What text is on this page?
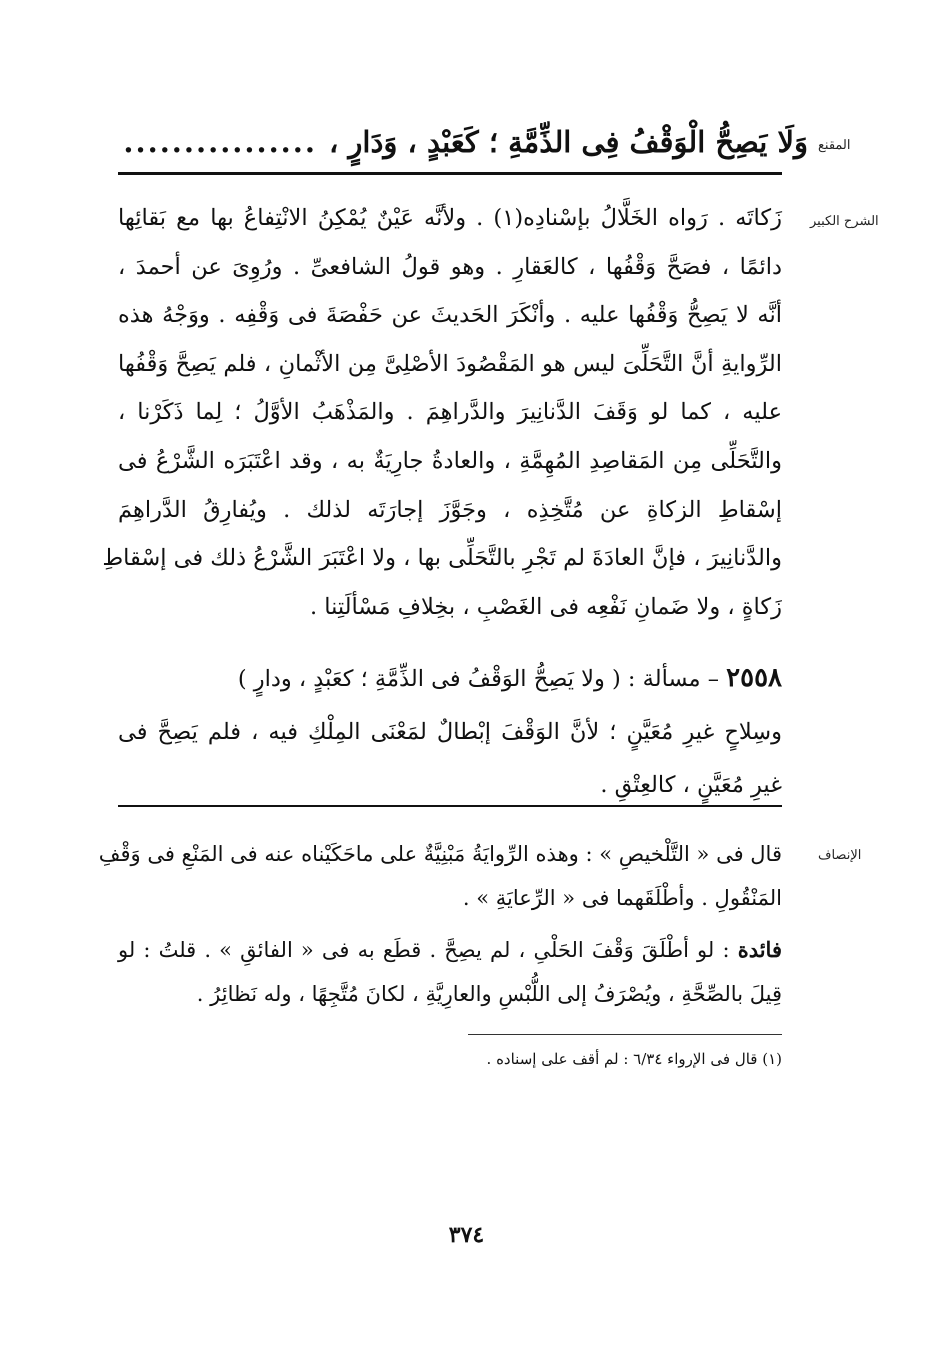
المقنع
وَلَا يَصِحُّ الْوَقْفُ فِى الذِّمَّةِ ؛ كَعَبْدٍ ، وَدَارٍ ،................
الشرح الكبير
زَكاتَه . رَواه الخَلَّالُ بإسْنادِه(١) . ولأنَّه عَيْنٌ يُمْكِنُ الانْتِفاعُ بها مع بَقائِها
دائمًا ، فصَحَّ وَقْفُها ، كالعَقارِ . وهو قولُ الشافعىِّ . ورُوِىَ عن أحمدَ ،
أنَّه لا يَصِحُّ وَقْفُها عليه . وأنْكَرَ الحَديثَ عن حَفْصَةَ فى وَقْفِه . ووَجْهُ هذه
الرِّوايةِ أنَّ التَّحَلِّىَ ليس هو المَقْصُودَ الأصْلِىَّ مِن الأثْمانِ ، فلم يَصِحَّ وَقْفُها
عليه ، كما لو وَقَفَ الدَّنانِيرَ والدَّراهِمَ . والمَذْهَبُ الأوَّلُ ؛ لِما ذَكَرْنا ،
والتَّحَلِّى مِن المَقاصِدِ المُهِمَّةِ ، والعادةُ جارِيَةٌ به ، وقد اعْتَبَرَه الشَّرْعُ فى
إسْقاطِ الزكاةِ عن مُتَّخِذِه ، وجَوَّزَ إجارَتَه لذلك . ويُفارِقُ الدَّراهِمَ
والدَّنانِيرَ ، فإنَّ العادَةَ لم تَجْرِ بالتَّحَلِّى بها ، ولا اعْتَبَرَ الشَّرْعُ ذلك فى إسْقاطِ
زَكاةٍ ، ولا ضَمانِ نَفْعِه فى الغَصْبِ ، بخِلافِ مَسْألَتِنا .
٢٥٥٨ – مسألة : ( ولا يَصِحُّ الوَقْفُ فى الذِّمَّةِ ؛ كعَبْدٍ ، ودارٍ )
وسِلاحٍ غيرِ مُعَيَّنٍ ؛ لأنَّ الوَقْفَ إبْطالٌ لمَعْنَى المِلْكِ فيه ، فلم يَصِحَّ فى
غيرِ مُعَيَّنٍ ، كالعِتْقِ .
الإنصاف
قال فى « التَّلْخيصِ » : وهذه الرِّوايَةُ مَبْنِيَّةٌ على ماحَكَيْناه عنه فى المَنْعِ فى وَقْفِ
المَنْقُولِ . وأطْلَقَهما فى « الرِّعايَةِ » .
فائدة : لو أطْلَقَ وَقْفَ الحَلْىِ ، لم يصِحَّ . قطَع به فى « الفائقِ » . قلتُ : لو
قِيلَ بالصِّحَّةِ ، ويُصْرَفُ إلى اللُّبْسِ والعارِيَّةِ ، لكانَ مُتَّجِهًا ، وله نَظائِرُ .
(١) قال فى الإرواء ٦/٣٤ : لم أقف على إسناده .
٣٧٤
